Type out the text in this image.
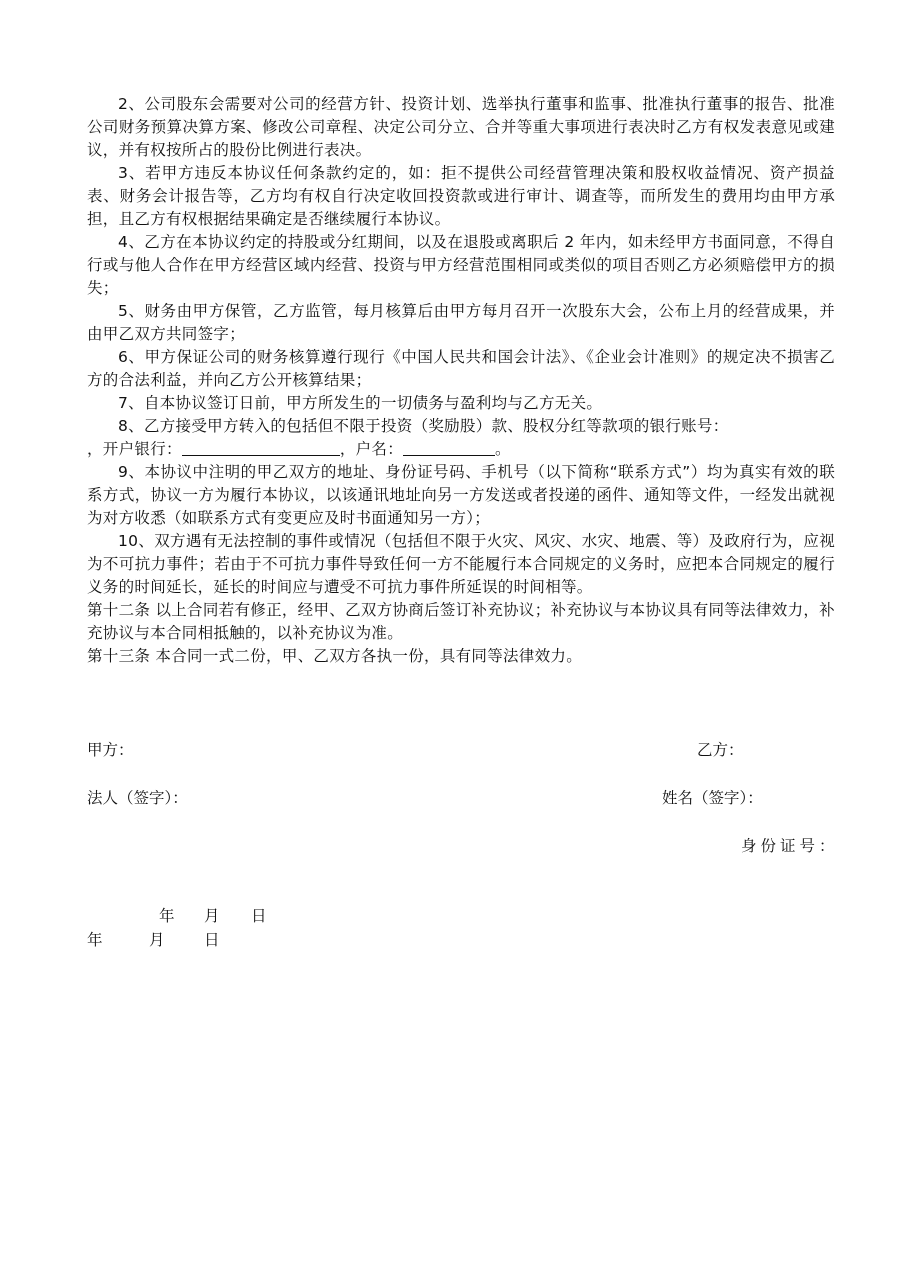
2、公司股东会需要对公司的经营方针、投资计划、选举执行董事和监事、批准执行董事的报告、批准公司财务预算决算方案、修改公司章程、决定公司分立、合并等重大事项进行表决时乙方有权发表意见或建议，并有权按所占的股份比例进行表决。

3、若甲方违反本协议任何条款约定的，如：拒不提供公司经营管理决策和股权收益情况、资产损益表、财务会计报告等，乙方均有权自行决定收回投资款或进行审计、调查等，而所发生的费用均由甲方承担，且乙方有权根据结果确定是否继续履行本协议。

4、乙方在本协议约定的持股或分红期间，以及在退股或离职后 2 年内，如未经甲方书面同意，不得自行或与他人合作在甲方经营区域内经营、投资与甲方经营范围相同或类似的项目否则乙方必须赔偿甲方的损失；

5、财务由甲方保管，乙方监管，每月核算后由甲方每月召开一次股东大会，公布上月的经营成果，并由甲乙双方共同签字；

6、甲方保证公司的财务核算遵行现行《中国人民共和国会计法》、《企业会计准则》的规定决不损害乙方的合法利益，并向乙方公开核算结果；

7、自本协议签订日前，甲方所发生的一切债务与盈利均与乙方无关。

8、乙方接受甲方转入的包括但不限于投资（奖励股）款、股权分红等款项的银行账号：

，开户银行：	，户名：	。

9、本协议中注明的甲乙双方的地址、身份证号码、手机号（以下简称“联系方式”）均为真实有效的联系方式，协议一方为履行本协议，以该通讯地址向另一方发送或者投递的函件、通知等文件，一经发出就视为对方收悉（如联系方式有变更应及时书面通知另一方）；

10、双方遇有无法控制的事件或情况（包括但不限于火灾、风灾、水灾、地震、等）及政府行为，应视为不可抗力事件；若由于不可抗力事件导致任何一方不能履行本合同规定的义务时，应把本合同规定的履行义务的时间延长，延长的时间应与遭受不可抗力事件所延误的时间相等。

第十二条 以上合同若有修正，经甲、乙双方协商后签订补充协议；补充协议与本协议具有同等法律效力，补充协议与本合同相抵触的，以补充协议为准。

第十三条 本合同一式二份，甲、乙双方各执一份，具有同等法律效力。

甲方：	乙方：
法人（签字）：	姓名（签字）：
身份证号：
年 月 日
年	月	日
